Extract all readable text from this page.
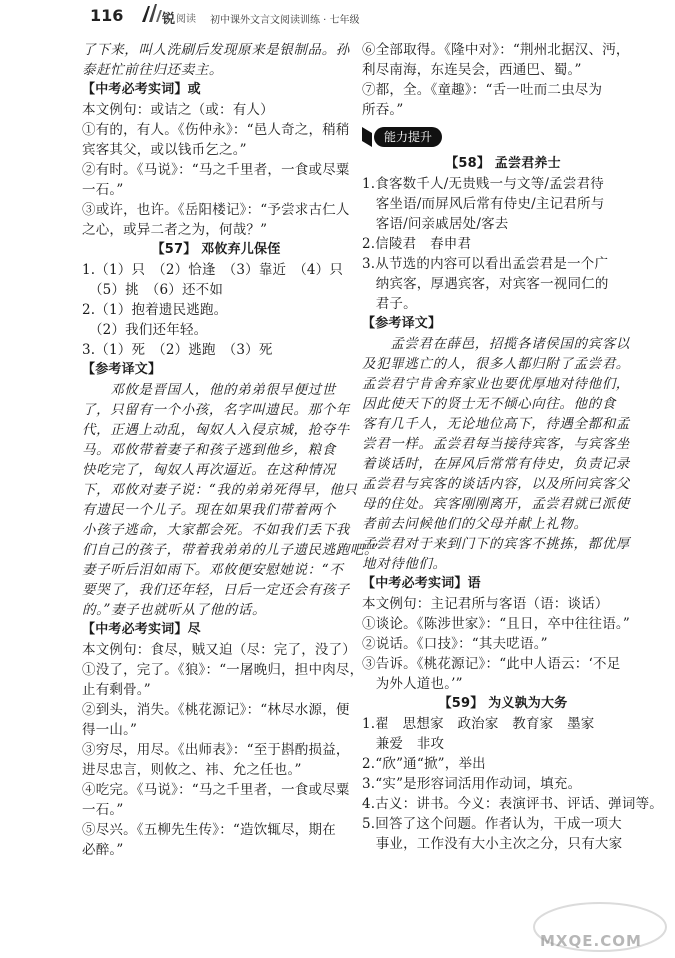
116	锐 阅读 初中课外文言文阅读训练 · 七年级
了下来，叫人洗刷后发现原来是银制品。孙
泰赶忙前往归还卖主。
【中考必考实词】或
本文例句：或诘之（或：有人）
①有的，有人。《伤仲永》：“邑人奇之，稍稍
宾客其父，或以钱币乞之。”
②有时。《马说》：“马之千里者，一食或尽粟
一石。”
③或许，也许。《岳阳楼记》：“予尝求古仁人
之心，或异二者之为，何哉？”
【57】 邓攸弃儿保侄
1.（1）只　（2）恰逢　（3）靠近　（4）只
　（5）挑　（6）还不如
2.（1）抱着遗民逃跑。
　（2）我们还年轻。
3.（1）死　（2）逃跑　（3）死
【参考译文】
　　邓攸是晋国人，他的弟弟很早便过世
了，只留有一个小孩，名字叫遗民。那个年
代，正遇上动乱，匈奴人入侵京城，抢夺牛
马。邓攸带着妻子和孩子逃到他乡，粮食
快吃完了，匈奴人再次逼近。在这种情况
下，邓攸对妻子说：“我的弟弟死得早，他只
有遗民一个儿子。现在如果我们带着两个
小孩子逃命，大家都会死。不如我们丢下我
们自己的孩子，带着我弟弟的儿子遗民逃跑吧。”
妻子听后泪如雨下。邓攸便安慰她说：“不
要哭了，我们还年轻，日后一定还会有孩子
的。”妻子也就听从了他的话。
【中考必考实词】尽
本文例句：食尽，贼又迫（尽：完了，没了）
①没了，完了。《狼》：“一屠晚归，担中肉尽，
止有剩骨。”
②到头，消失。《桃花源记》：“林尽水源，便
得一山。”
③穷尽，用尽。《出师表》：“至于斟酌损益，
进尽忠言，则攸之、祎、允之任也。”
④吃完。《马说》：“马之千里者，一食或尽粟
一石。”
⑤尽兴。《五柳先生传》：“造饮辄尽，期在
必醉。”
⑥全部取得。《隆中对》：“荆州北据汉、沔，
利尽南海，东连吴会，西通巴、蜀。”
⑦都，全。《童趣》：“舌一吐而二虫尽为
所吞。”
能力提升
【58】 孟尝君养士
1.食客数千人/无贵贱一与文等/孟尝君待
　客坐语/而屏风后常有侍史/主记君所与
　客语/问亲戚居处/客去
2.信陵君　春申君
3.从节选的内容可以看出孟尝君是一个广
　纳宾客，厚遇宾客，对宾客一视同仁的
　君子。
【参考译文】
　　孟尝君在薛邑，招揽各诸侯国的宾客以
及犯罪逃亡的人，很多人都归附了孟尝君。
孟尝君宁肯舍弃家业也要优厚地对待他们，
因此使天下的贤士无不倾心向往。他的食
客有几千人，无论地位高下，待遇全都和孟
尝君一样。孟尝君每当接待宾客，与宾客坐
着谈话时，在屏风后常常有侍史，负责记录
孟尝君与宾客的谈话内容，以及所问宾客父
母的住处。宾客刚刚离开，孟尝君就已派使
者前去问候他们的父母并献上礼物。
孟尝君对于来到门下的宾客不挑拣，都优厚
地对待他们。
【中考必考实词】语
本文例句：主记君所与客语（语：谈话）
①谈论。《陈涉世家》：“且日，卒中往往语。”
②说话。《口技》：“其夫呓语。”
③告诉。《桃花源记》：“此中人语云：‘不足
　为外人道也。’”
【59】 为义孰为大务
1.翟　思想家　政治家　教育家　墨家
　兼爱　非攻
2.“欣”通“掀”，举出
3.“实”是形容词活用作动词，填充。
4.古义：讲书。今义：表演评书、评话、弹词等。
5.回答了这个问题。作者认为，干成一项大
　事业，工作没有大小主次之分，只有大家
MXQE.COM
